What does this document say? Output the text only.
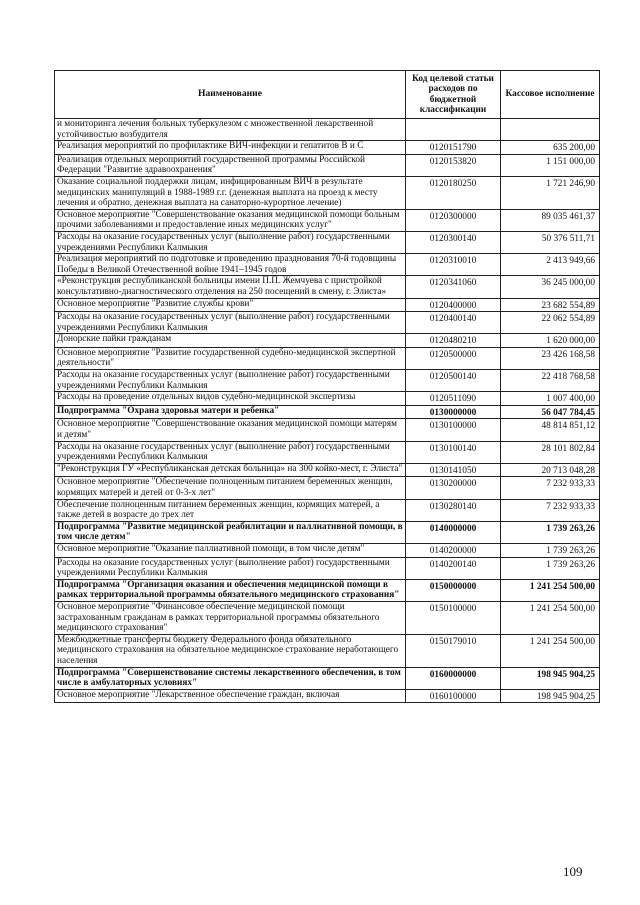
Наименование	Код целевой статьи расходов по бюджетной классификации	Кассовое исполнение
и мониторинга лечения больных туберкулезом с множественной лекарственной устойчивостью возбудителя		
Реализация мероприятий по профилактике ВИЧ-инфекции и гепатитов В и С	0120151790	635 200,00
Реализация отдельных мероприятий государственной программы Российской Федерации "Развитие здравоохранения"	0120153820	1 151 000,00
Оказание социальной поддержки лицам, инфицированным ВИЧ в результате медицинских манипуляций в 1988-1989 г.г. (денежная выплата на проезд к месту лечения и обратно, денежная выплата на санаторно-курортное лечение)	0120180250	1 721 246,90
Основное мероприятие "Совершенствование оказания медицинской помощи больным прочими заболеваниями и предоставление иных медицинских услуг"	0120300000	89 035 461,37
Расходы на оказание государственных услуг (выполнение работ) государственными учреждениями Республики Калмыкия	0120300140	50 376 511,71
Реализация мероприятий по подготовке и проведению празднования 70-й годовщины Победы в Великой Отечественной войне 1941–1945 годов	0120310010	2 413 949,66
«Реконструкция республиканской больницы имени П.П. Жемчуева с пристройкой консультативно-диагностического отделения на 250 посещений в смену, г. Элиста»	0120341060	36 245 000,00
Основное мероприятие "Развитие службы крови"	0120400000	23 682 554,89
Расходы на оказание государственных услуг (выполнение работ) государственными учреждениями Республики Калмыкия	0120400140	22 062 554,89
Донорские пайки гражданам	0120480210	1 620 000,00
Основное мероприятие "Развитие государственной судебно-медицинской экспертной деятельности"	0120500000	23 426 168,58
Расходы на оказание государственных услуг (выполнение работ) государственными учреждениями Республики Калмыкия	0120500140	22 418 768,58
Расходы на проведение отдельных видов судебно-медицинской экспертизы	0120511090	1 007 400,00
Подпрограмма "Охрана здоровья матери и ребенка"	0130000000	56 047 784,45
Основное мероприятие "Совершенствование оказания медицинской помощи матерям и детям"	0130100000	48 814 851,12
Расходы на оказание государственных услуг (выполнение работ) государственными учреждениями Республики Калмыкия	0130100140	28 101 802,84
"Реконструкция ГУ «Республиканская детская больница» на 300 койко-мест, г. Элиста"	0130141050	20 713 048,28
Основное мероприятие "Обеспечение полноценным питанием беременных женщин, кормящих матерей и детей от 0-3-х лет"	0130200000	7 232 933,33
Обеспечение полноценным питанием беременных женщин, кормящих матерей, а также детей в возрасте до трех лет	0130280140	7 232 933,33
Подпрограмма "Развитие медицинской реабилитации и паллиативной помощи, в том числе детям"	0140000000	1 739 263,26
Основное мероприятие "Оказание паллиативной помощи, в том числе детям"	0140200000	1 739 263,26
Расходы на оказание государственных услуг (выполнение работ) государственными учреждениями Республики Калмыкия	0140200140	1 739 263,26
Подпрограмма "Организация оказания и обеспечения медицинской помощи в рамках территориальной программы обязательного медицинского страхования"	0150000000	1 241 254 500,00
Основное мероприятие "Финансовое обеспечение медицинской помощи застрахованным гражданам в рамках территориальной программы обязательного медицинского страхования"	0150100000	1 241 254 500,00
Межбюджетные трансферты бюджету Федерального фонда обязательного медицинского страхования на обязательное медицинское страхование неработающего населения	0150179010	1 241 254 500,00
Подпрограмма "Совершенствование системы лекарственного обеспечения, в том числе в амбулаторных условиях"	0160000000	198 945 904,25
Основное мероприятие "Лекарственное обеспечение граждан, включая	0160100000	198 945 904,25
109
